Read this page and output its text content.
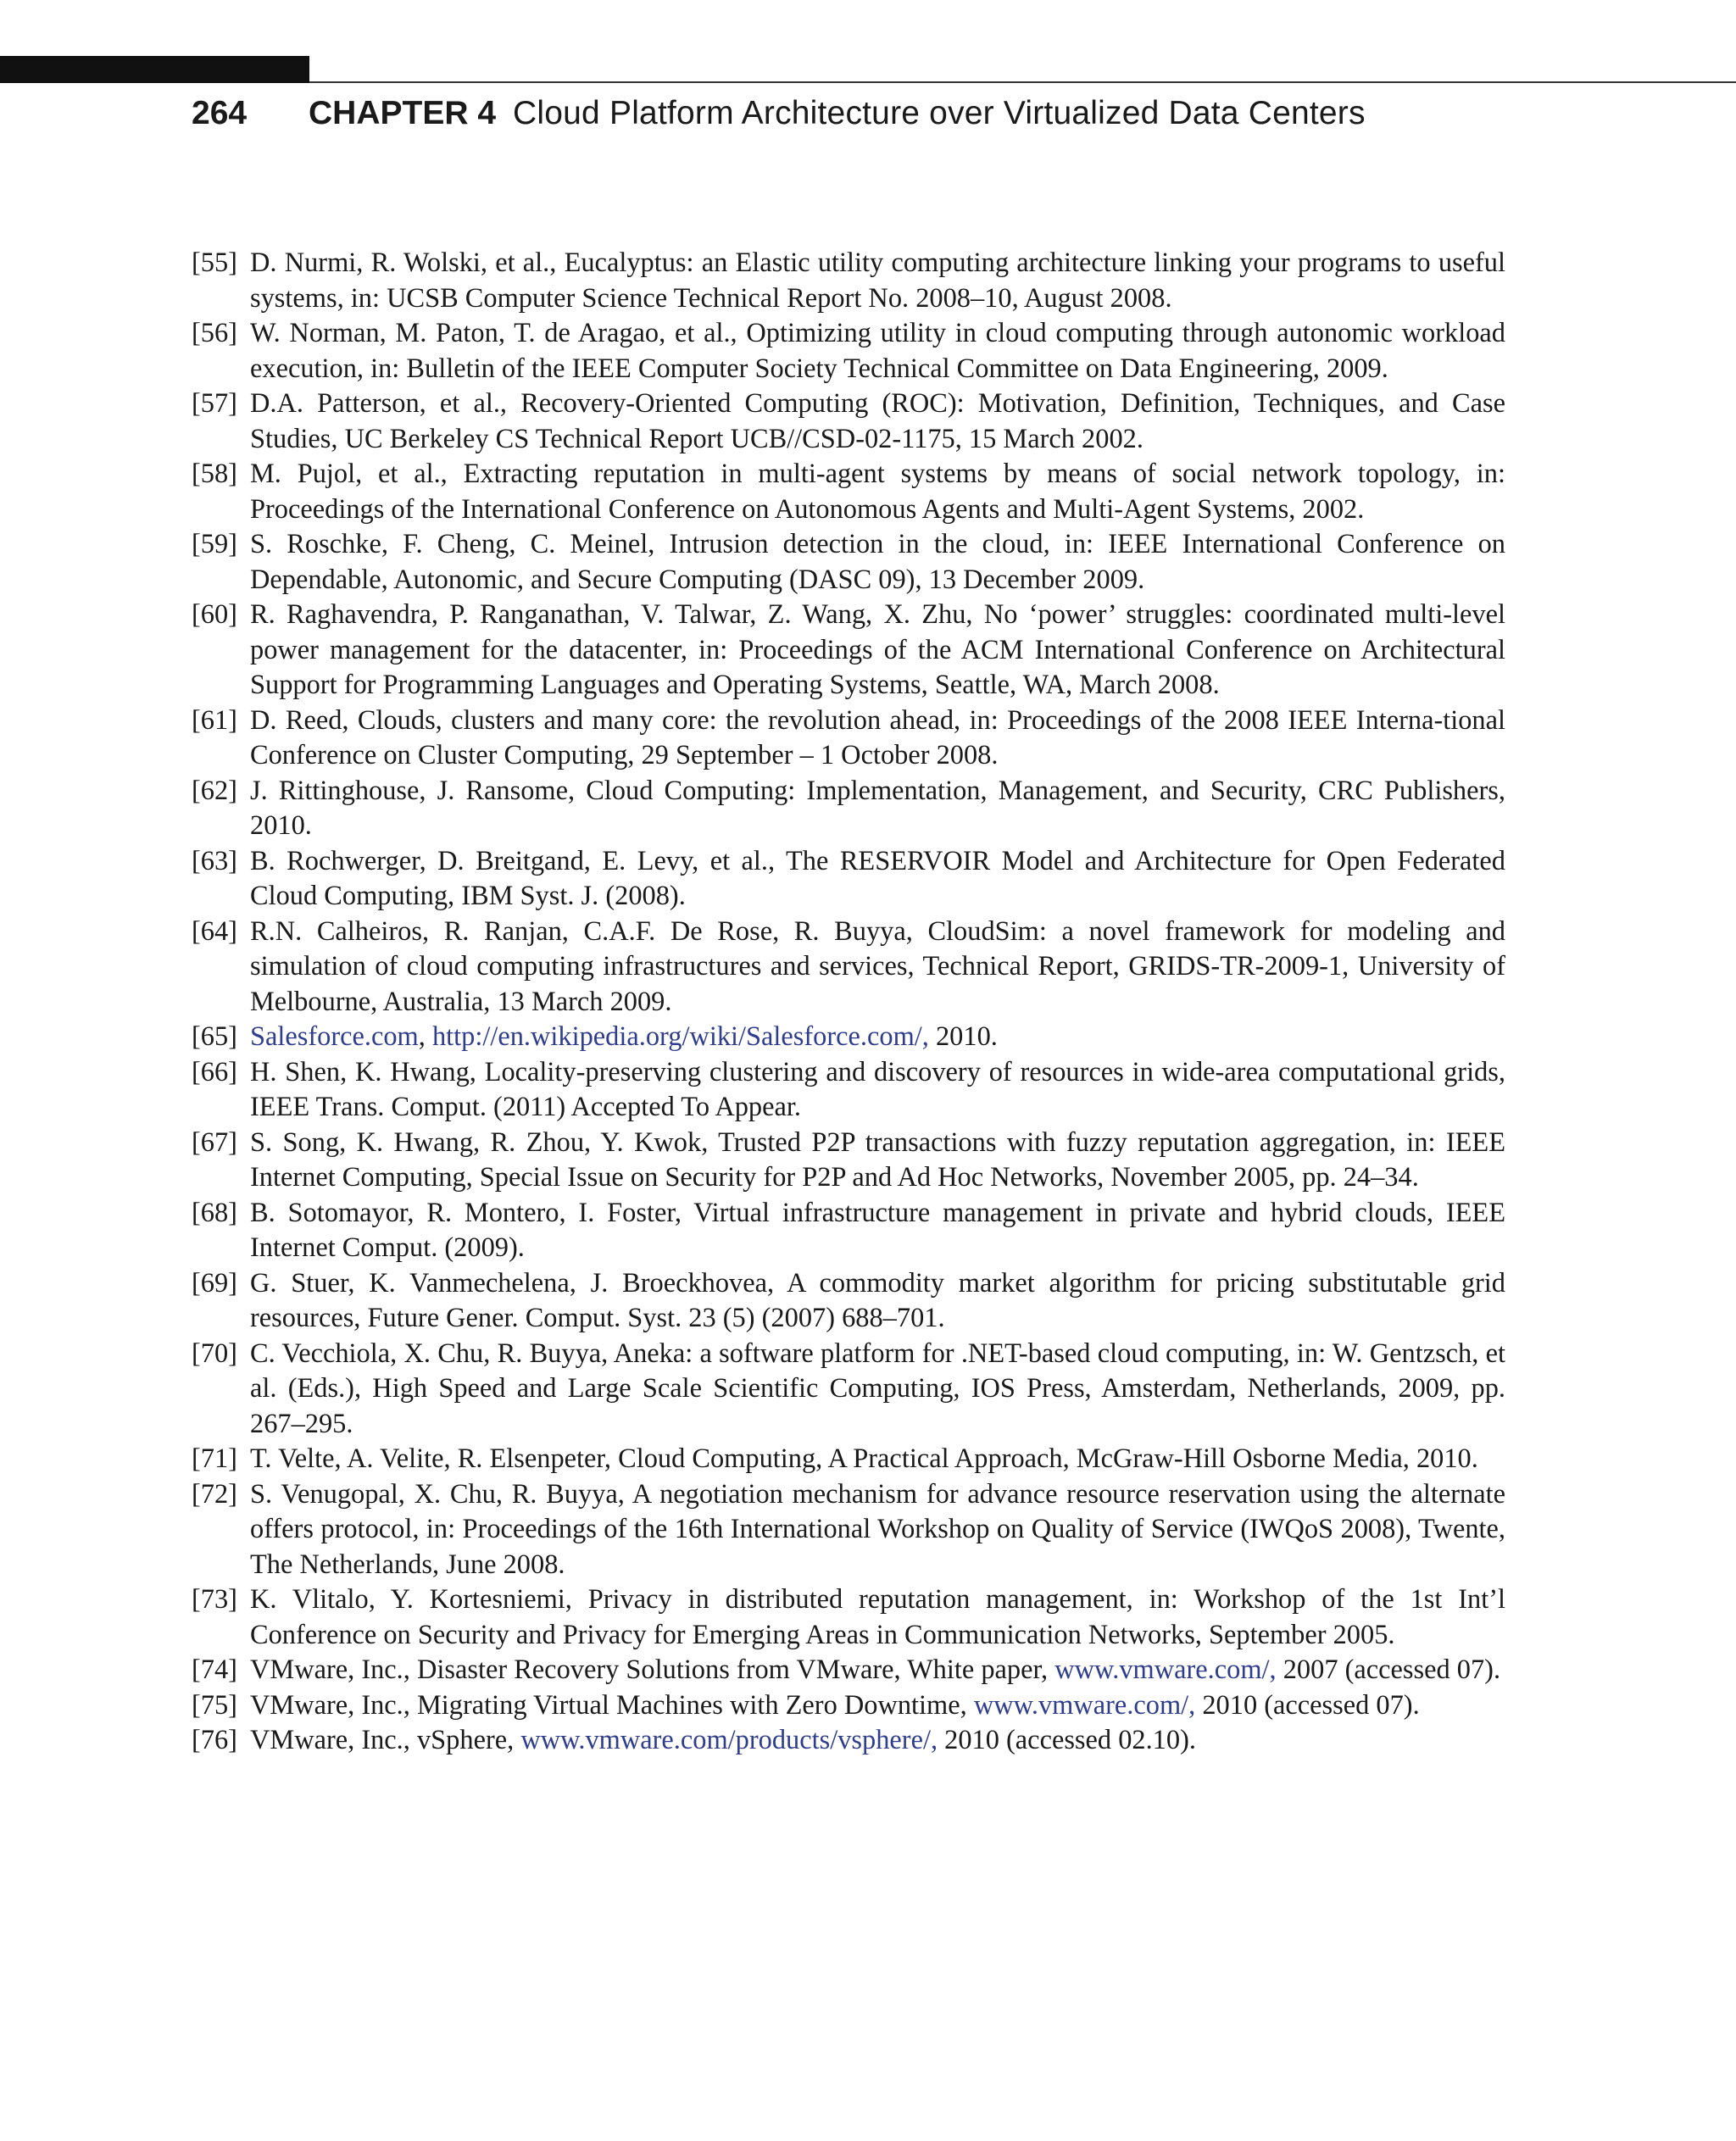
264	CHAPTER 4 Cloud Platform Architecture over Virtualized Data Centers
[55] D. Nurmi, R. Wolski, et al., Eucalyptus: an Elastic utility computing architecture linking your programs to useful systems, in: UCSB Computer Science Technical Report No. 2008–10, August 2008.
[56] W. Norman, M. Paton, T. de Aragao, et al., Optimizing utility in cloud computing through autonomic workload execution, in: Bulletin of the IEEE Computer Society Technical Committee on Data Engineering, 2009.
[57] D.A. Patterson, et al., Recovery-Oriented Computing (ROC): Motivation, Definition, Techniques, and Case Studies, UC Berkeley CS Technical Report UCB//CSD-02-1175, 15 March 2002.
[58] M. Pujol, et al., Extracting reputation in multi-agent systems by means of social network topology, in: Proceedings of the International Conference on Autonomous Agents and Multi-Agent Systems, 2002.
[59] S. Roschke, F. Cheng, C. Meinel, Intrusion detection in the cloud, in: IEEE International Conference on Dependable, Autonomic, and Secure Computing (DASC 09), 13 December 2009.
[60] R. Raghavendra, P. Ranganathan, V. Talwar, Z. Wang, X. Zhu, No ‘power’ struggles: coordinated multi-level power management for the datacenter, in: Proceedings of the ACM International Conference on Architectural Support for Programming Languages and Operating Systems, Seattle, WA, March 2008.
[61] D. Reed, Clouds, clusters and many core: the revolution ahead, in: Proceedings of the 2008 IEEE Interna-tional Conference on Cluster Computing, 29 September – 1 October 2008.
[62] J. Rittinghouse, J. Ransome, Cloud Computing: Implementation, Management, and Security, CRC Publishers, 2010.
[63] B. Rochwerger, D. Breitgand, E. Levy, et al., The RESERVOIR Model and Architecture for Open Federated Cloud Computing, IBM Syst. J. (2008).
[64] R.N. Calheiros, R. Ranjan, C.A.F. De Rose, R. Buyya, CloudSim: a novel framework for modeling and simulation of cloud computing infrastructures and services, Technical Report, GRIDS-TR-2009-1, University of Melbourne, Australia, 13 March 2009.
[65] Salesforce.com, http://en.wikipedia.org/wiki/Salesforce.com/, 2010.
[66] H. Shen, K. Hwang, Locality-preserving clustering and discovery of resources in wide-area computational grids, IEEE Trans. Comput. (2011) Accepted To Appear.
[67] S. Song, K. Hwang, R. Zhou, Y. Kwok, Trusted P2P transactions with fuzzy reputation aggregation, in: IEEE Internet Computing, Special Issue on Security for P2P and Ad Hoc Networks, November 2005, pp. 24–34.
[68] B. Sotomayor, R. Montero, I. Foster, Virtual infrastructure management in private and hybrid clouds, IEEE Internet Comput. (2009).
[69] G. Stuer, K. Vanmechelena, J. Broeckhovea, A commodity market algorithm for pricing substitutable grid resources, Future Gener. Comput. Syst. 23 (5) (2007) 688–701.
[70] C. Vecchiola, X. Chu, R. Buyya, Aneka: a software platform for .NET-based cloud computing, in: W. Gentzsch, et al. (Eds.), High Speed and Large Scale Scientific Computing, IOS Press, Amsterdam, Netherlands, 2009, pp. 267–295.
[71] T. Velte, A. Velite, R. Elsenpeter, Cloud Computing, A Practical Approach, McGraw-Hill Osborne Media, 2010.
[72] S. Venugopal, X. Chu, R. Buyya, A negotiation mechanism for advance resource reservation using the alternate offers protocol, in: Proceedings of the 16th International Workshop on Quality of Service (IWQoS 2008), Twente, The Netherlands, June 2008.
[73] K. Vlitalo, Y. Kortesniemi, Privacy in distributed reputation management, in: Workshop of the 1st Int’l Conference on Security and Privacy for Emerging Areas in Communication Networks, September 2005.
[74] VMware, Inc., Disaster Recovery Solutions from VMware, White paper, www.vmware.com/, 2007 (accessed 07).
[75] VMware, Inc., Migrating Virtual Machines with Zero Downtime, www.vmware.com/, 2010 (accessed 07).
[76] VMware, Inc., vSphere, www.vmware.com/products/vsphere/, 2010 (accessed 02.10).
